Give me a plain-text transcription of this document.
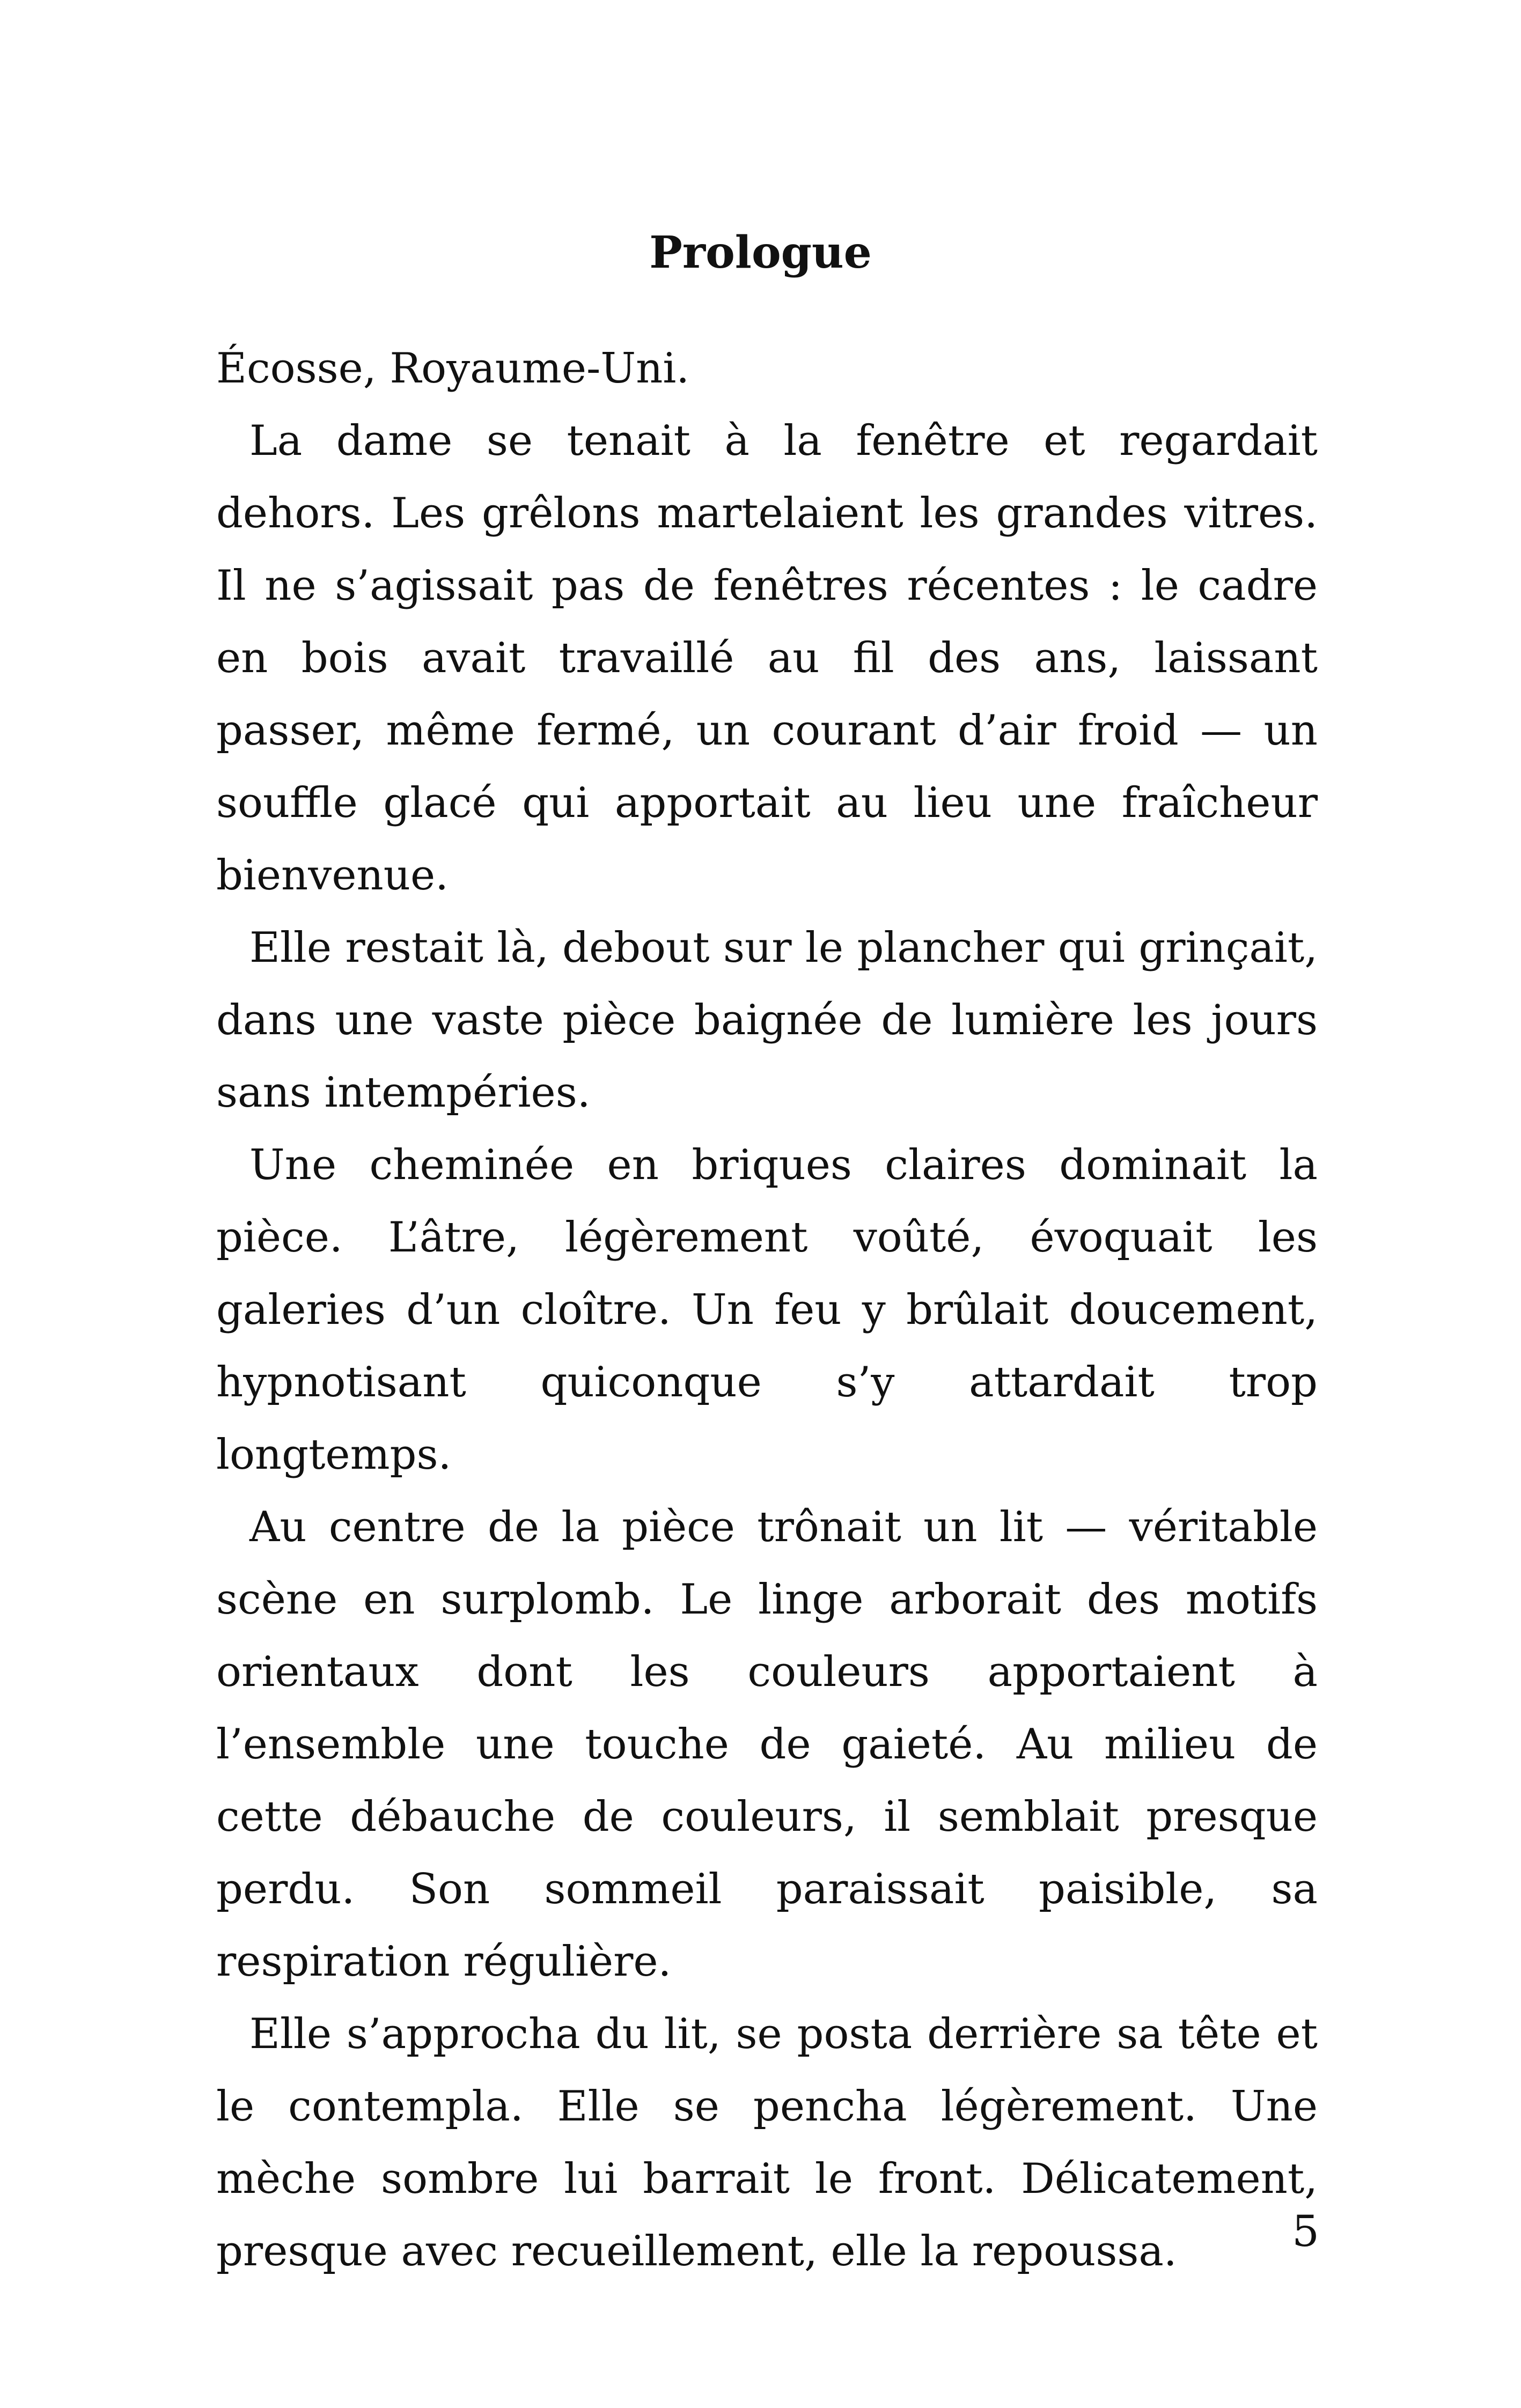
Prologue

Écosse, Royaume-Uni.

La dame se tenait à la fenêtre et regardait dehors. Les grêlons martelaient les grandes vitres. Il ne s’agissait pas de fenêtres récentes : le cadre en bois avait travaillé au fil des ans, laissant passer, même fermé, un courant d’air froid — un souffle glacé qui apportait au lieu une fraîcheur bienvenue.

Elle restait là, debout sur le plancher qui grinçait, dans une vaste pièce baignée de lumière les jours sans intempéries.

Une cheminée en briques claires dominait la pièce. L’âtre, légèrement voûté, évoquait les galeries d’un cloître. Un feu y brûlait doucement, hypnotisant quiconque s’y attardait trop longtemps.

Au centre de la pièce trônait un lit — véritable scène en surplomb. Le linge arborait des motifs orientaux dont les couleurs apportaient à l’ensemble une touche de gaieté. Au milieu de cette débauche de couleurs, il semblait presque perdu. Son sommeil paraissait paisible, sa respiration régulière.

Elle s’approcha du lit, se posta derrière sa tête et le contempla. Elle se pencha légèrement. Une mèche sombre lui barrait le front. Délicatement, presque avec recueillement, elle la repoussa.	5
